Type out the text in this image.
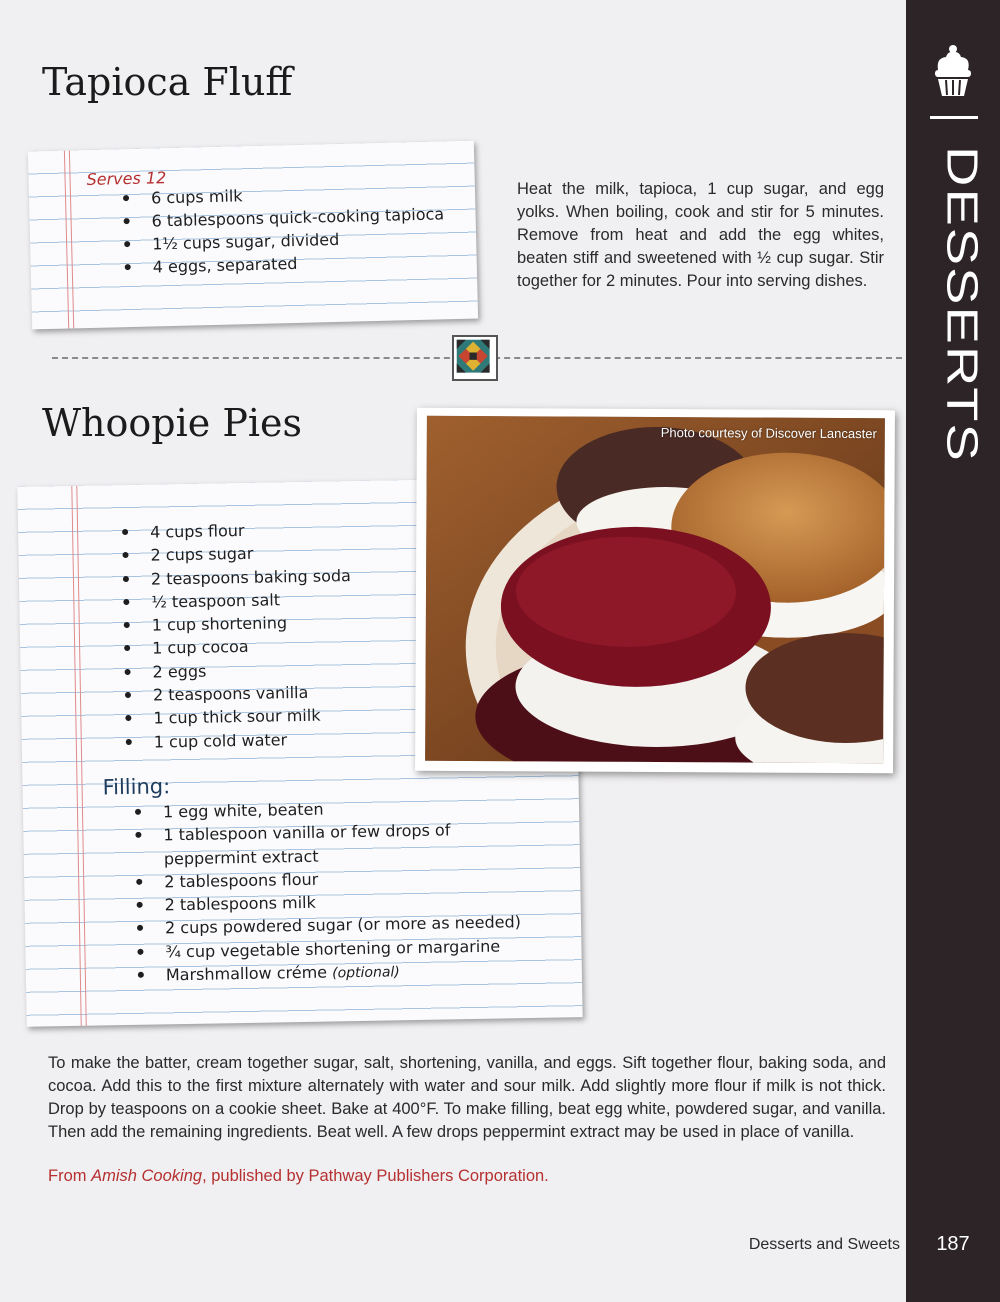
DESSERTS
Desserts and Sweets	187
Tapioca Fluff
Serves 12
6 cups milk
6 tablespoons quick-cooking tapioca
1½ cups sugar, divided
4 eggs, separated

Heat the milk, tapioca, 1 cup sugar, and egg yolks. When boiling, cook and stir for 5 minutes. Remove from heat and add the egg whites, beaten stiff and sweetened with ½ cup sugar. Stir together for 2 minutes. Pour into serving dishes.

Whoopie Pies
4 cups flour
2 cups sugar
2 teaspoons baking soda
½ teaspoon salt
1 cup shortening
1 cup cocoa
2 eggs
2 teaspoons vanilla
1 cup thick sour milk
1 cup cold water
Filling:
1 egg white, beaten
1 tablespoon vanilla or few drops of
peppermint extract
2 tablespoons flour
2 tablespoons milk
2 cups powdered sugar (or more as needed)
¾ cup vegetable shortening or margarine
Marshmallow créme (optional)
Photo courtesy of Discover Lancaster

To make the batter, cream together sugar, salt, shortening, vanilla, and eggs. Sift together flour, baking soda, and cocoa. Add this to the first mixture alternately with water and sour milk. Add slightly more flour if milk is not thick. Drop by teaspoons on a cookie sheet. Bake at 400°F. To make filling, beat egg white, powdered sugar, and vanilla. Then add the remaining ingredients. Beat well. A few drops peppermint extract may be used in place of vanilla.

From Amish Cooking, published by Pathway Publishers Corporation.
